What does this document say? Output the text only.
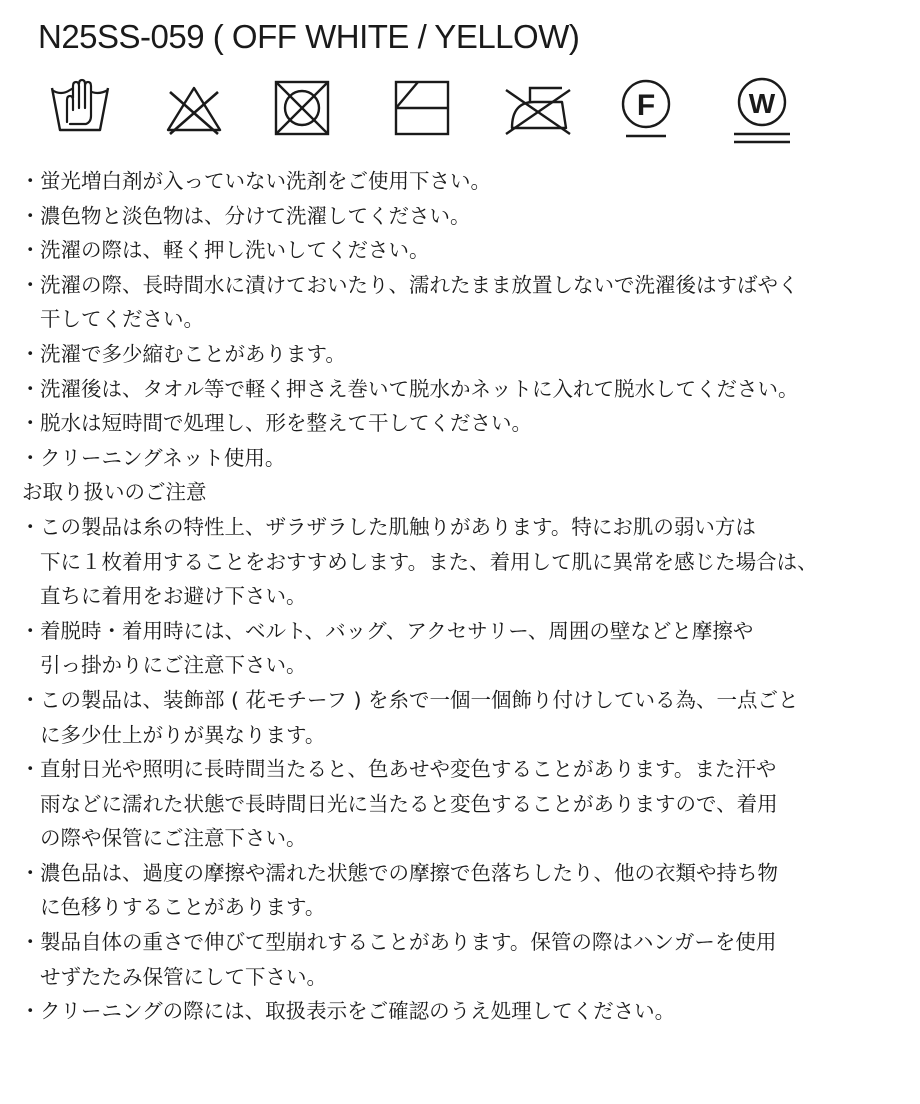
N25SS-059 ( OFF WHITE / YELLOW)
F	W
・蛍光増白剤が入っていない洗剤をご使用下さい。
・濃色物と淡色物は、分けて洗濯してください。
・洗濯の際は、軽く押し洗いしてください。
・洗濯の際、長時間水に漬けておいたり、濡れたまま放置しないで洗濯後はすばやく
干してください。
・洗濯で多少縮むことがあります。
・洗濯後は、タオル等で軽く押さえ巻いて脱水かネットに入れて脱水してください。
・脱水は短時間で処理し、形を整えて干してください。
・クリーニングネット使用。
お取り扱いのご注意
・この製品は糸の特性上、ザラザラした肌触りがあります。特にお肌の弱い方は
下に１枚着用することをおすすめします。また、着用して肌に異常を感じた場合は、
直ちに着用をお避け下さい。
・着脱時・着用時には、ベルト、バッグ、アクセサリー、周囲の壁などと摩擦や
引っ掛かりにご注意下さい。
・この製品は、装飾部 ( 花モチーフ ) を糸で一個一個飾り付けしている為、一点ごと
に多少仕上がりが異なります。
・直射日光や照明に長時間当たると、色あせや変色することがあります。また汗や
雨などに濡れた状態で長時間日光に当たると変色することがありますので、着用
の際や保管にご注意下さい。
・濃色品は、過度の摩擦や濡れた状態での摩擦で色落ちしたり、他の衣類や持ち物
に色移りすることがあります。
・製品自体の重さで伸びて型崩れすることがあります。保管の際はハンガーを使用
せずたたみ保管にして下さい。
・クリーニングの際には、取扱表示をご確認のうえ処理してください。
